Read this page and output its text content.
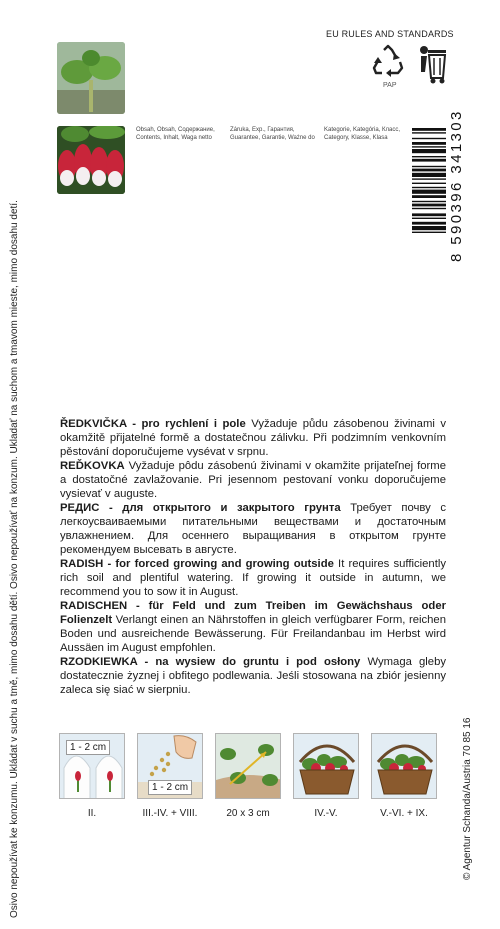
Osivo nepoužívat ke konzumu. Ukládat v suchu a tmě, mimo dosahu dětí. Osivo nepoužívať na konzum. Ukladať na suchom a tmavom mieste, mimo dosahu detí.
Obsah, Obsah, Содержание,
Contents, Inhalt, Waga netto
Záruka, Exp., Гарантия,
Guarantee, Garantie, Ważne do
Kategorie, Kategória, Класс,
Category, Klasse, Klasa
EU RULES AND STANDARDS
PAP
8 590396 341303

ŘEDKVIČKA - pro rychlení i pole Vyžaduje půdu zásobenou živinami v okamžitě přijatelné formě a dostatečnou zálivku. Při podzimním venkovním pěstování doporučujeme vysévat v srpnu.

REĎKOVKA Vyžaduje pôdu zásobenú živinami v okamžite prijateľnej forme a dostatočné zavlažovanie. Pri jesennom pestovaní vonku doporučujeme vysievať v auguste.

РЕДИС - для открытого и закрытого грунта Требует почву с легкоусваиваемыми питательными веществами и достаточным увлажнением. Для осеннего выращивания в открытом грунте рекомендуем высевать в августе.

RADISH - for forced growing and growing outside It requires sufficiently rich soil and plentiful watering. If growing it outside in autumn, we recommend you to sow it in August.

RADISCHEN - für Feld und zum Treiben im Gewächshaus oder Folienzelt Verlangt einen an Nährstoffen in gleich verfügbarer Form, reichen Boden und ausreichende Bewässerung. Für Freilandanbau im Herbst wird Aussäen im August empfohlen.

RZODKIEWKA - na wysiew do gruntu i pod osłony Wymaga gleby dostatecznie żyznej i obfitego podlewania. Jeśli stosowana na zbiór jesienny zaleca się siać w sierpniu.

1 - 2 cm
II.
1 - 2 cm
III.-IV. + VIII.	20 x 3 cm	IV.-V.	V.-VI. + IX.	© Agentur Schanda/Austria 70 85 16
